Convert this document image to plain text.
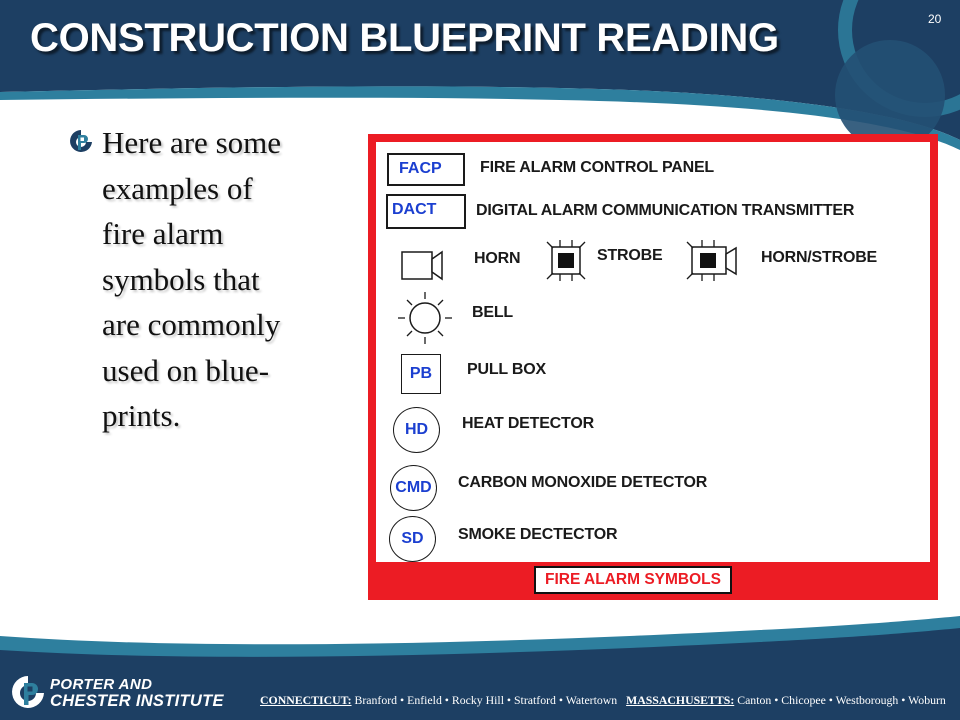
CONSTRUCTION BLUEPRINT READING	20
Here are some
examples of
fire alarm
symbols that
are commonly
used on blue-
prints.
FACP	FIRE ALARM CONTROL PANEL
DACT	DIGITAL ALARM COMMUNICATION TRANSMITTER
HORN	STROBE	HORN/STROBE
BELL
PB	PULL BOX
HD	HEAT DETECTOR
CMD	CARBON MONOXIDE DETECTOR
SD	SMOKE DECTECTOR
FIRE ALARM SYMBOLS
PORTER AND
CHESTER INSTITUTE	CONNECTICUT: Branford • Enfield • Rocky Hill • Stratford • Watertown MASSACHUSETTS: Canton • Chicopee • Westborough • Woburn
